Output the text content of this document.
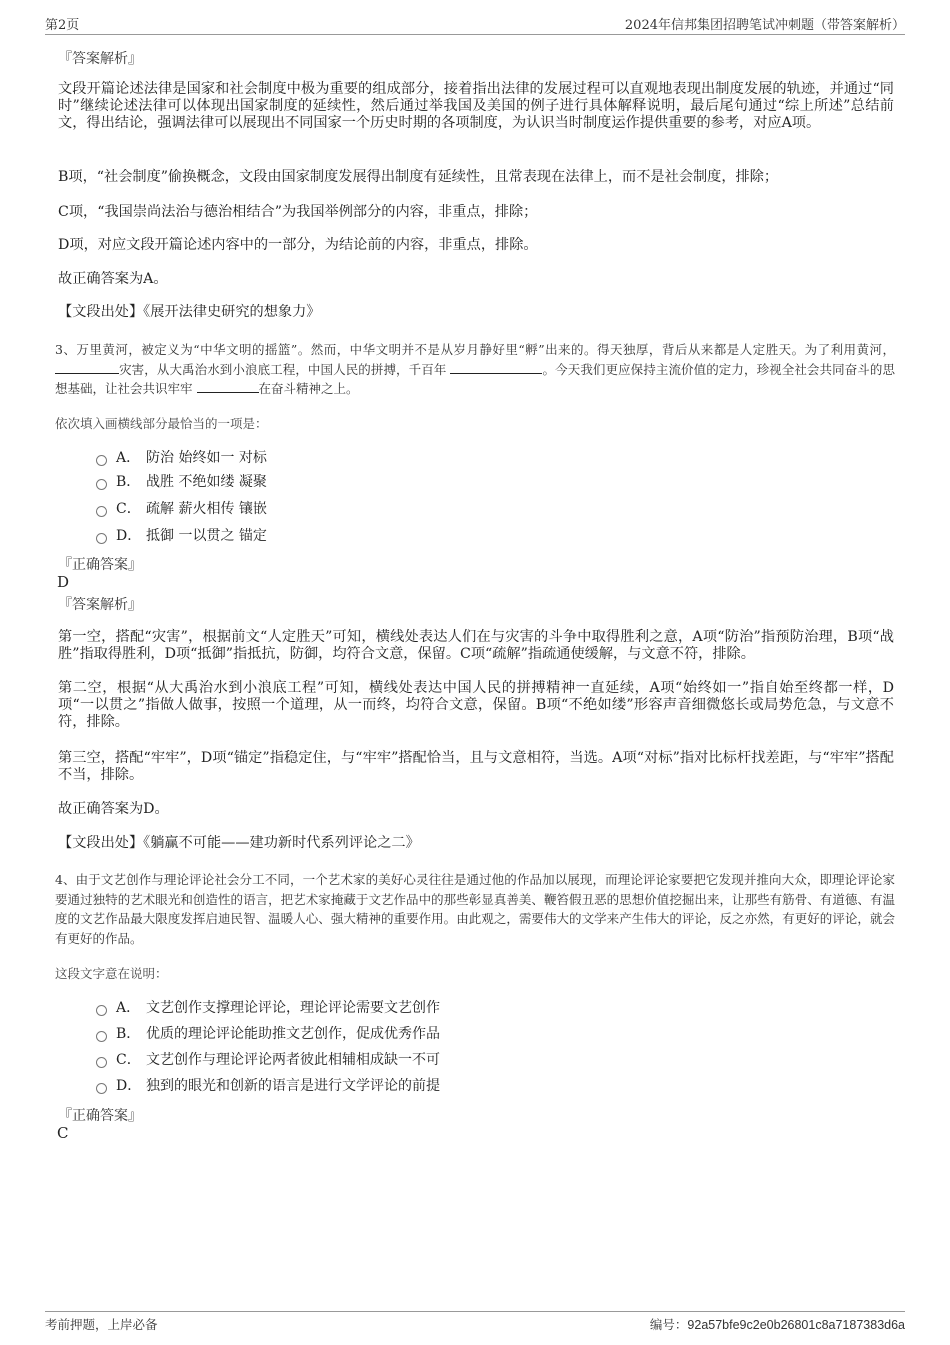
第2页	2024年信邦集团招聘笔试冲刺题（带答案解析）
『答案解析』
文段开篇论述法律是国家和社会制度中极为重要的组成部分，接着指出法律的发展过程可以直观地表现出制度发展的轨迹，并通过“同时”继续论述法律可以体现出国家制度的延续性，然后通过举我国及美国的例子进行具体解释说明，最后尾句通过“综上所述”总结前文，得出结论，强调法律可以展现出不同国家一个历史时期的各项制度，为认识当时制度运作提供重要的参考，对应A项。
B项，“社会制度”偷换概念，文段由国家制度发展得出制度有延续性，且常表现在法律上，而不是社会制度，排除；
C项，“我国崇尚法治与德治相结合”为我国举例部分的内容，非重点，排除；
D项，对应文段开篇论述内容中的一部分，为结论前的内容，非重点，排除。
故正确答案为A。
【文段出处】《展开法律史研究的想象力》
3、万里黄河，被定义为“中华文明的摇篮”。然而，中华文明并不是从岁月静好里“孵”出来的。得天独厚，背后从来都是人定胜天。为了利用黄河， 灾害，从大禹治水到小浪底工程，中国人民的拼搏，千百年	。今天我们更应保持主流价值的定力，珍视全社会共同奋斗的思想基础，让社会共识牢牢	在奋斗精神之上。
依次填入画横线部分最恰当的一项是：
A． 防治 始终如一 对标
B． 战胜 不绝如缕 凝聚
C． 疏解 薪火相传 镶嵌
D． 抵御 一以贯之 锚定
『正确答案』
D
『答案解析』
第一空，搭配“灾害”，根据前文“人定胜天”可知，横线处表达人们在与灾害的斗争中取得胜利之意，A项“防治”指预防治理，B项“战胜”指取得胜利，D项“抵御”指抵抗，防御，均符合文意，保留。C项“疏解”指疏通使缓解，与文意不符，排除。
第二空，根据“从大禹治水到小浪底工程”可知，横线处表达中国人民的拼搏精神一直延续，A项“始终如一”指自始至终都一样，D项“一以贯之”指做人做事，按照一个道理，从一而终，均符合文意，保留。B项“不绝如缕”形容声音细微悠长或局势危急，与文意不符，排除。
第三空，搭配“牢牢”，D项“锚定”指稳定住，与“牢牢”搭配恰当，且与文意相符，当选。A项“对标”指对比标杆找差距，与“牢牢”搭配不当，排除。
故正确答案为D。
【文段出处】《躺赢不可能——建功新时代系列评论之二》
4、由于文艺创作与理论评论社会分工不同，一个艺术家的美好心灵往往是通过他的作品加以展现，而理论评论家要把它发现并推向大众，即理论评论家要通过独特的艺术眼光和创造性的语言，把艺术家掩藏于文艺作品中的那些彰显真善美、鞭笞假丑恶的思想价值挖掘出来，让那些有筋骨、有道德、有温度的文艺作品最大限度发挥启迪民智、温暖人心、强大精神的重要作用。由此观之，需要伟大的文学来产生伟大的评论，反之亦然，有更好的评论，就会有更好的作品。
这段文字意在说明：
A． 文艺创作支撑理论评论，理论评论需要文艺创作
B． 优质的理论评论能助推文艺创作，促成优秀作品
C． 文艺创作与理论评论两者彼此相辅相成缺一不可
D． 独到的眼光和创新的语言是进行文学评论的前提
『正确答案』
C
考前押题，上岸必备	编号：92a57bfe9c2e0b26801c8a7187383d6a
